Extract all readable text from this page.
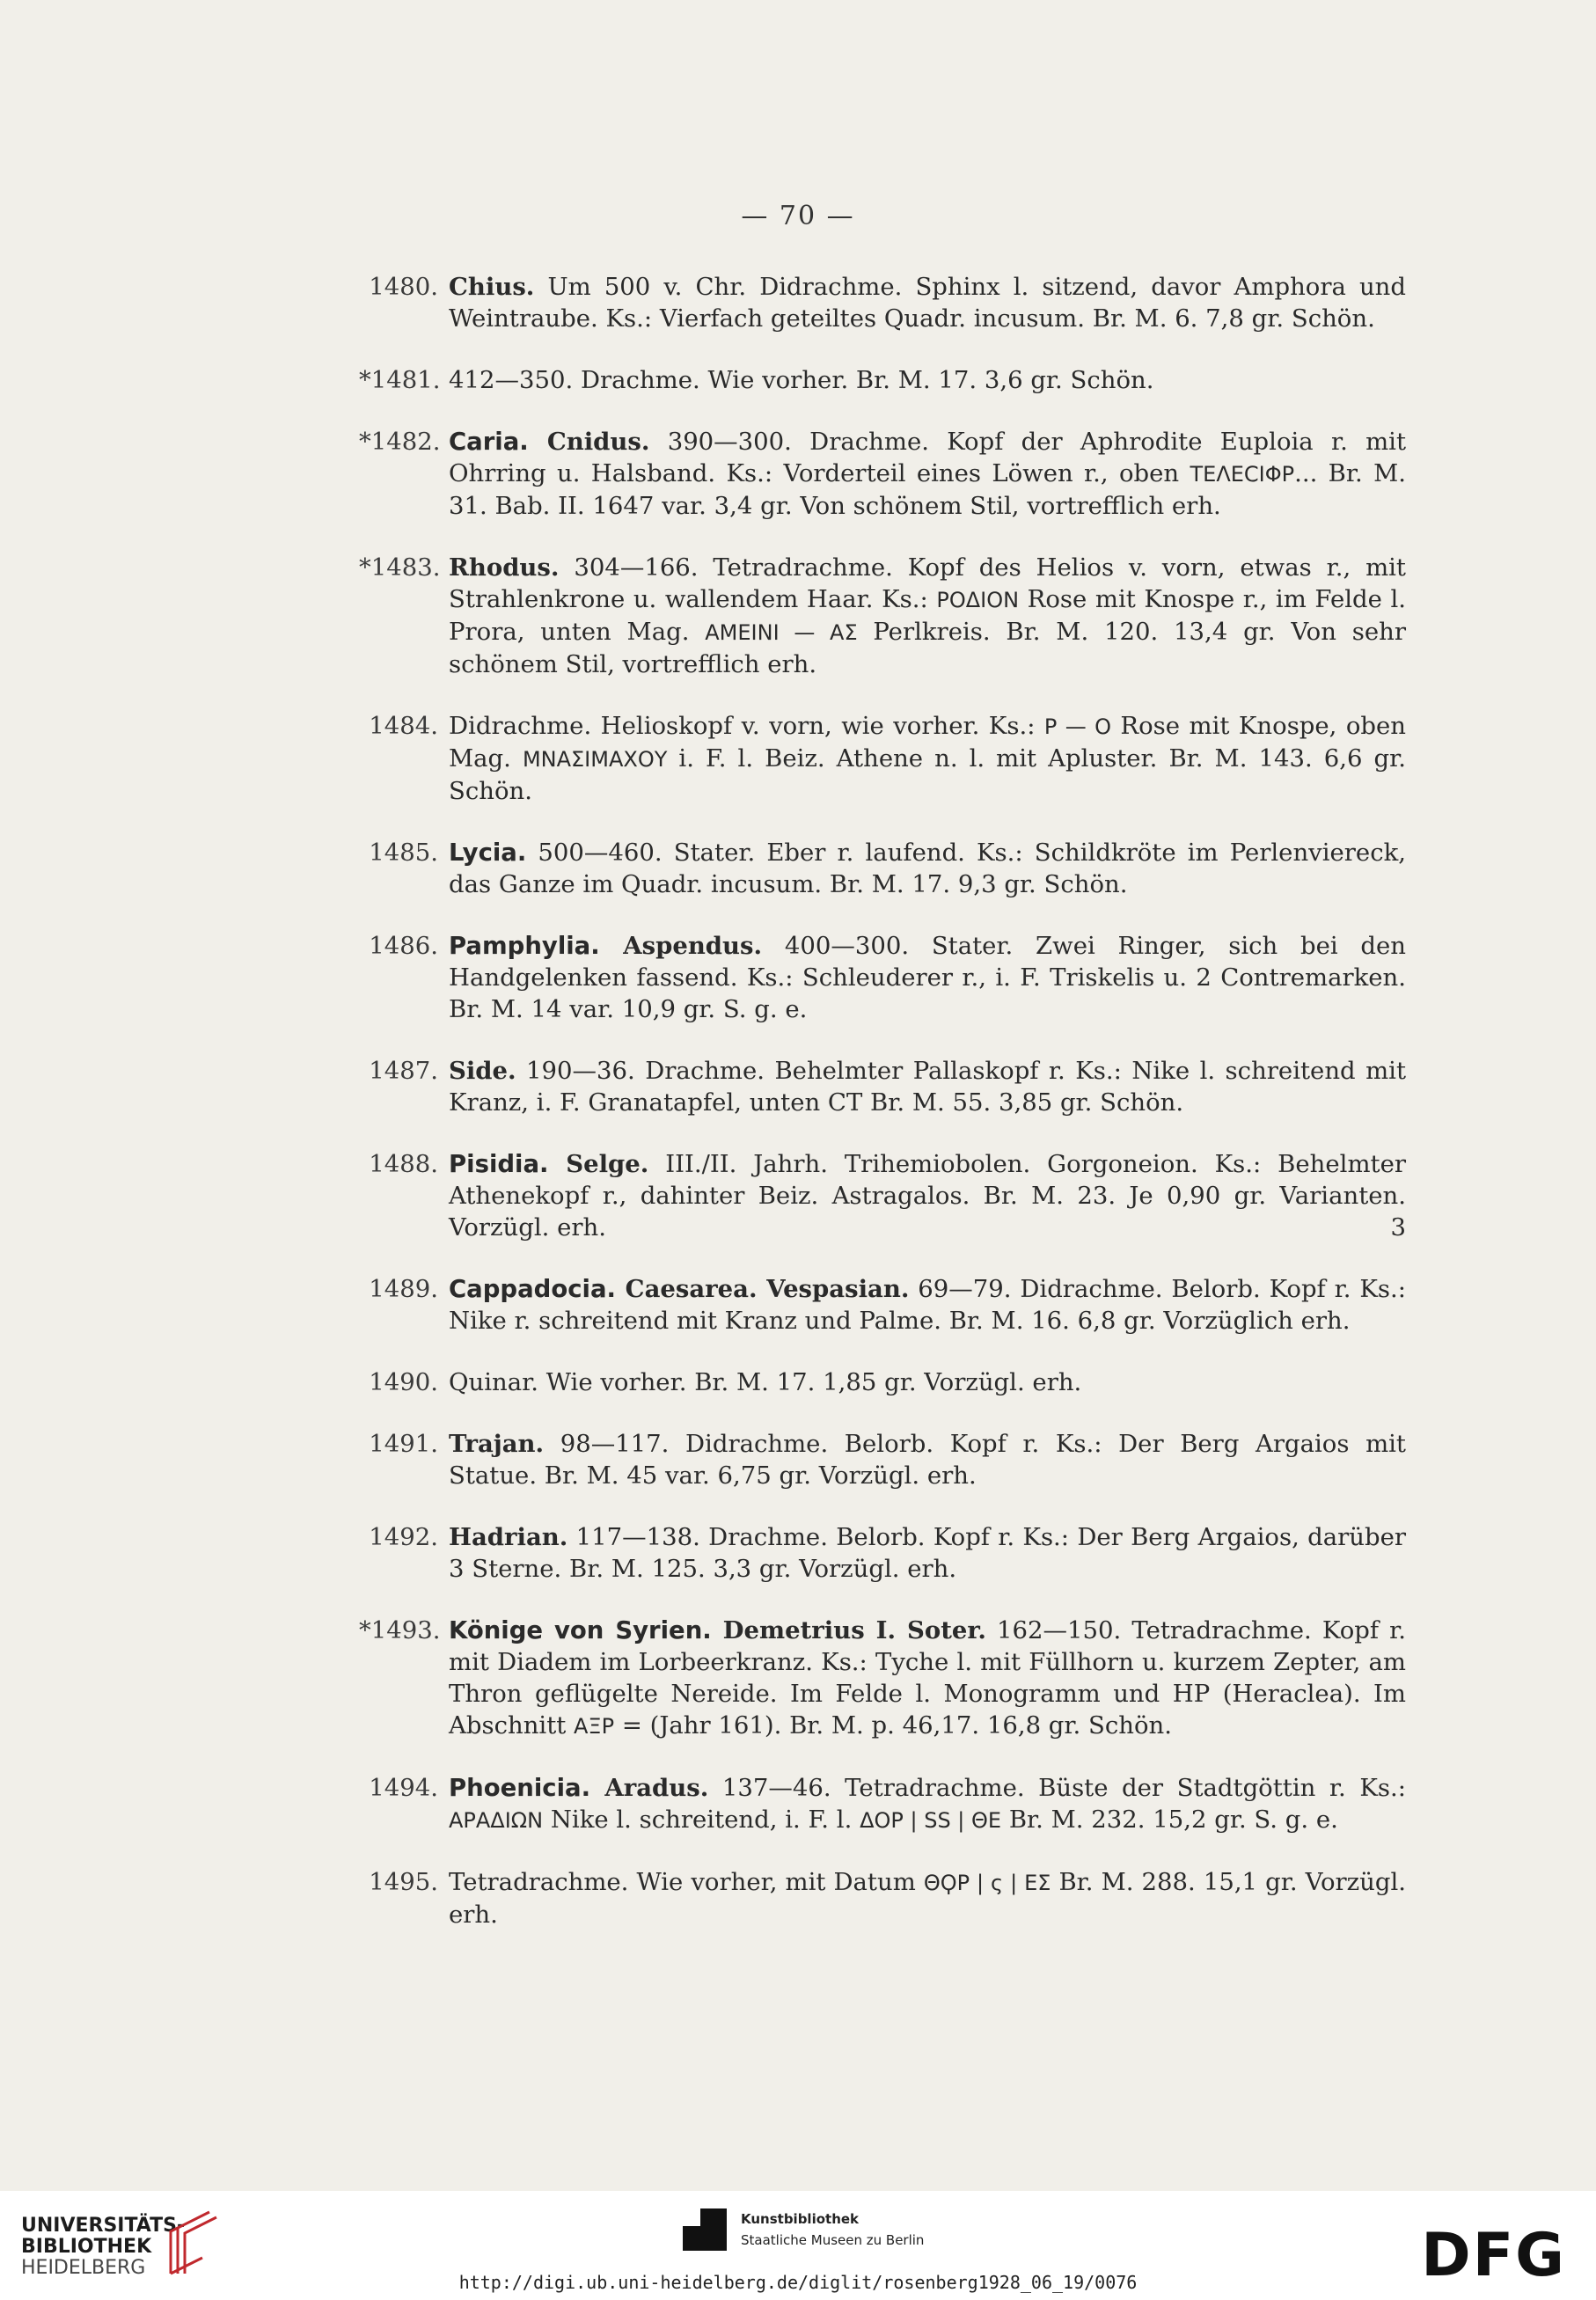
— 70 —
1480. Chius. Um 500 v. Chr. Didrachme. Sphinx l. sitzend, davor Amphora und Weintraube. Ks.: Vierfach geteiltes Quadr. incusum. Br. M. 6. 7,8 gr. Schön.
*1481. 412—350. Drachme. Wie vorher. Br. M. 17. 3,6 gr. Schön.
*1482. Caria. Cnidus. 390—300. Drachme. Kopf der Aphrodite Euploia r. mit Ohrring u. Halsband. Ks.: Vorderteil eines Löwen r., oben ΤΕΛΕϹΙΦΡ... Br. M. 31. Bab. II. 1647 var. 3,4 gr. Von schönem Stil, vortrefflich erh.
*1483. Rhodus. 304—166. Tetradrachme. Kopf des Helios v. vorn, etwas r., mit Strahlenkrone u. wallendem Haar. Ks.: ΡΟΔΙΟΝ Rose mit Knospe r., im Felde l. Prora, unten Mag. ΑΜΕΙΝΙ — ΑΣ Perlkreis. Br. M. 120. 13,4 gr. Von sehr schönem Stil, vortrefflich erh.
1484. Didrachme. Helioskopf v. vorn, wie vorher. Ks.: Ρ — Ο Rose mit Knospe, oben Mag. ΜΝΑΣΙΜΑΧΟΥ i. F. l. Beiz. Athene n. l. mit Apluster. Br. M. 143. 6,6 gr. Schön.
1485. Lycia. 500—460. Stater. Eber r. laufend. Ks.: Schildkröte im Perlenviereck, das Ganze im Quadr. incusum. Br. M. 17. 9,3 gr. Schön.
1486. Pamphylia. Aspendus. 400—300. Stater. Zwei Ringer, sich bei den Handgelenken fassend. Ks.: Schleuderer r., i. F. Triskelis u. 2 Contremarken. Br. M. 14 var. 10,9 gr. S. g. e.
1487. Side. 190—36. Drachme. Behelmter Pallaskopf r. Ks.: Nike l. schreitend mit Kranz, i. F. Granatapfel, unten CT Br. M. 55. 3,85 gr. Schön.
1488. Pisidia. Selge. III./II. Jahrh. Trihemiobolen. Gorgoneion. Ks.: Behelmter Athenekopf r., dahinter Beiz. Astragalos. Br. M. 23. Je 0,90 gr. Varianten. Vorzügl. erh.	3
1489. Cappadocia. Caesarea. Vespasian. 69—79. Didrachme. Belorb. Kopf r. Ks.: Nike r. schreitend mit Kranz und Palme. Br. M. 16. 6,8 gr. Vorzüglich erh.
1490. Quinar. Wie vorher. Br. M. 17. 1,85 gr. Vorzügl. erh.
1491. Trajan. 98—117. Didrachme. Belorb. Kopf r. Ks.: Der Berg Argaios mit Statue. Br. M. 45 var. 6,75 gr. Vorzügl. erh.
1492. Hadrian. 117—138. Drachme. Belorb. Kopf r. Ks.: Der Berg Argaios, darüber 3 Sterne. Br. M. 125. 3,3 gr. Vorzügl. erh.
*1493. Könige von Syrien. Demetrius I. Soter. 162—150. Tetradrachme. Kopf r. mit Diadem im Lorbeerkranz. Ks.: Tyche l. mit Füllhorn u. kurzem Zepter, am Thron geflügelte Nereide. Im Felde l. Monogramm und HP (Heraclea). Im Abschnitt ΑΞΡ = (Jahr 161). Br. M. p. 46,17. 16,8 gr. Schön.
1494. Phoenicia. Aradus. 137—46. Tetradrachme. Büste der Stadtgöttin r. Ks.: ΑΡΑΔΙΩΝ Nike l. schreitend, i. F. l. ΔΟΡ | SS | ΘΕ Br. M. 232. 15,2 gr. S. g. e.
1495. Tetradrachme. Wie vorher, mit Datum ΘϘΡ | ς | ΕΣ Br. M. 288. 15,1 gr. Vorzügl. erh.
UNIVERSITÄTS-
BIBLIOTHEK
HEIDELBERG
Kunstbibliothek
Staatliche Museen zu Berlin	DFG
http://digi.ub.uni-heidelberg.de/diglit/rosenberg1928_06_19/0076
